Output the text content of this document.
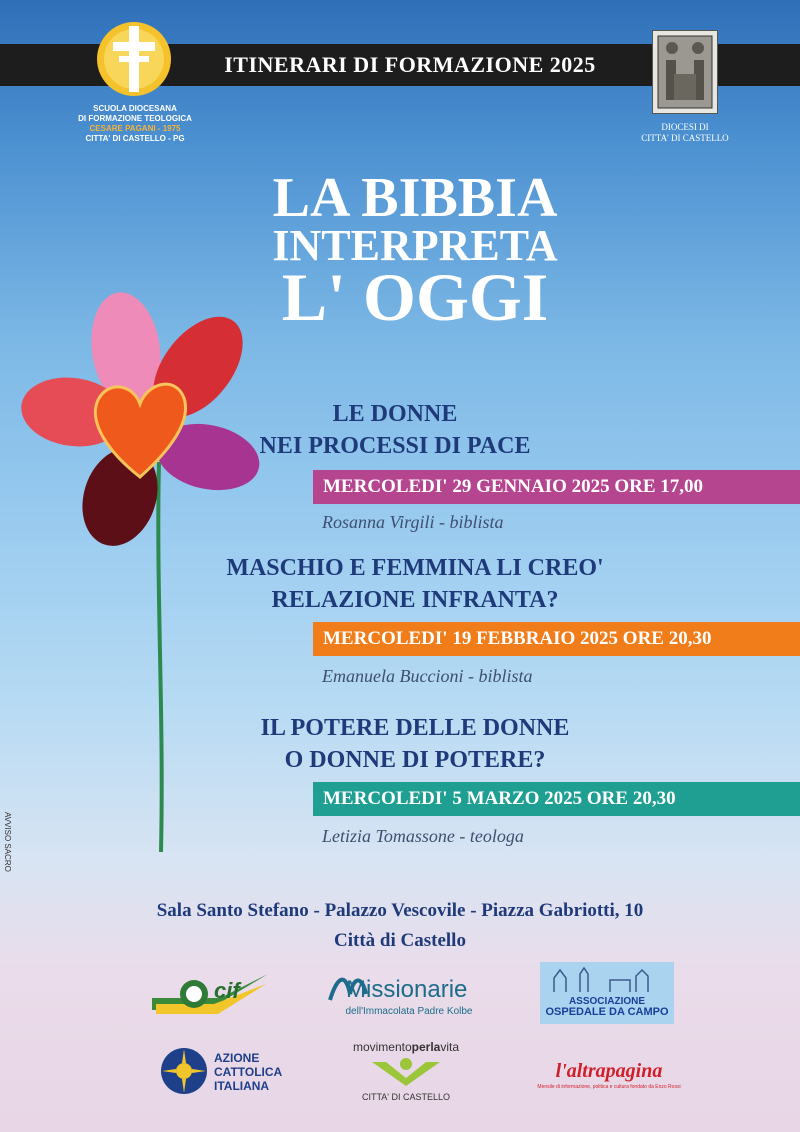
ITINERARI DI FORMAZIONE 2025
SCUOLA DIOCESANA
DI FORMAZIONE TEOLOGICA
CESARE PAGANI - 1975
CITTA' DI CASTELLO - PG
DIOCESI DI
CITTA' DI CASTELLO
LA BIBBIA
INTERPRETA
L' OGGI
LE DONNE
NEI PROCESSI DI PACE
MERCOLEDI' 29 GENNAIO 2025 ORE 17,00
Rosanna Virgili - biblista
MASCHIO E FEMMINA LI CREO'
RELAZIONE INFRANTA?
MERCOLEDI' 19 FEBBRAIO 2025 ORE 20,30
Emanuela Buccioni - biblista
IL POTERE DELLE DONNE
O DONNE DI POTERE?
MERCOLEDI' 5 MARZO 2025 ORE 20,30
Letizia Tomassone - teologa
AVVISO SACRO
Sala Santo Stefano - Palazzo Vescovile - Piazza Gabriotti, 10
Città di Castello
cif	Missionarie
dell'Immacolata Padre Kolbe
ASSOCIAZIONE
OSPEDALE DA CAMPO
AZIONE
CATTOLICA
ITALIANA
movimentoperlavita
CITTA' DI CASTELLO
l'altrapagina
Mensile di informazione, politica e cultura fondato da Enzo Rossi
